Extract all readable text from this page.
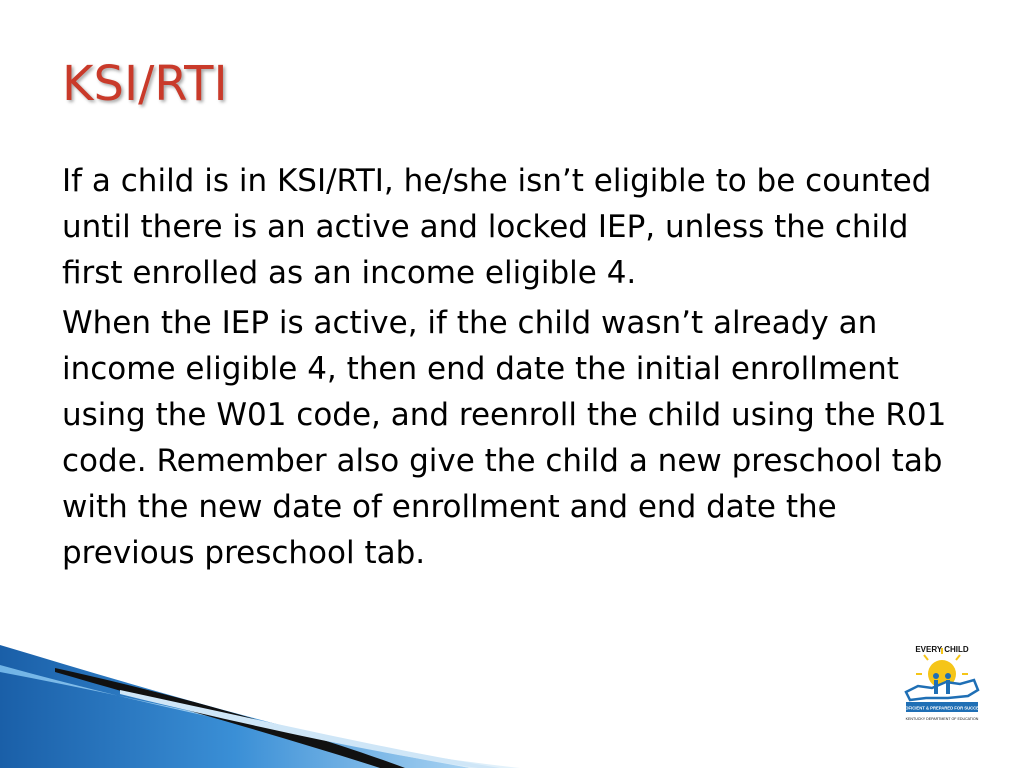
KSI/RTI

If a child is in KSI/RTI, he/she isn’t eligible to be counted until there is an active and locked IEP, unless the child first enrolled as an income eligible 4.

When the IEP is active, if the child wasn’t already an income eligible 4, then end date the initial enrollment using the W01 code, and reenroll the child using the R01 code. Remember also give the child a new preschool tab with the new date of enrollment and end date the previous preschool tab.

EVERY CHILD
PROFICIENT & PREPARED FOR SUCCESS
KENTUCKY DEPARTMENT OF EDUCATION
